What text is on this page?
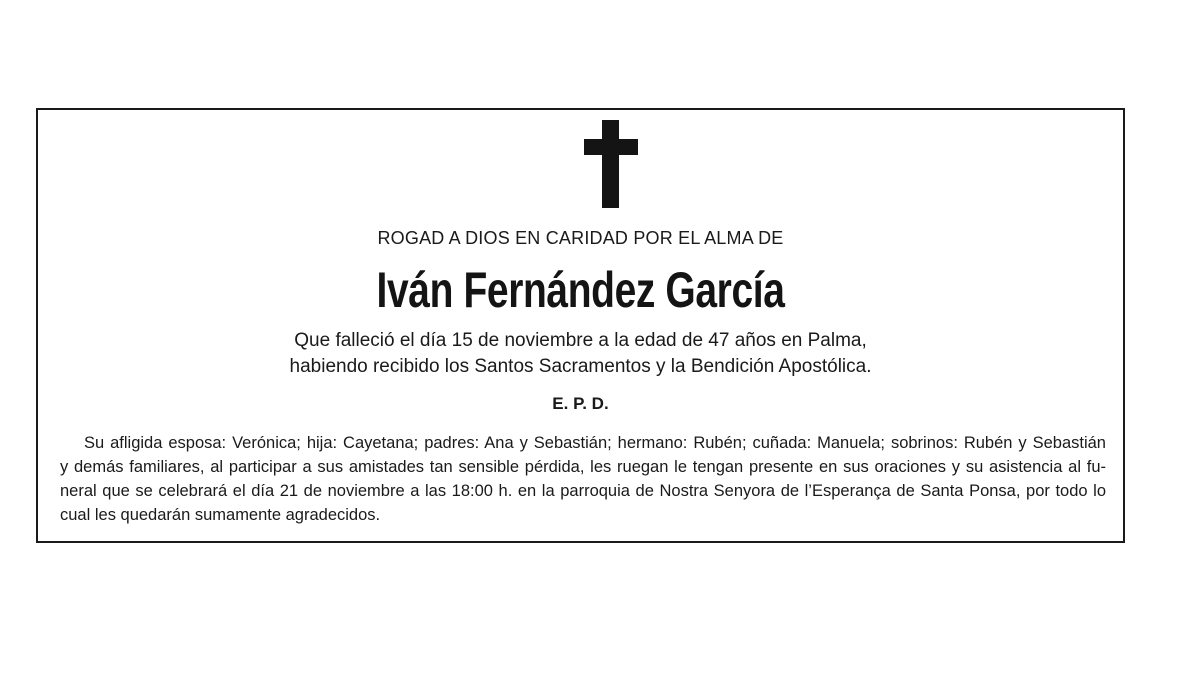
ROGAD A DIOS EN CARIDAD POR EL ALMA DE
Iván Fernández García
Que falleció el día 15 de noviembre a la edad de 47 años en Palma,
habiendo recibido los Santos Sacramentos y la Bendición Apostólica.
E. P. D.
Su afligida esposa: Verónica; hija: Cayetana; padres: Ana y Sebastián; hermano: Rubén; cuñada: Manuela; sobrinos: Rubén y Sebastián
y demás familiares, al participar a sus amistades tan sensible pérdida, les ruegan le tengan presente en sus oraciones y su asistencia al fu-
neral que se celebrará el día 21 de noviembre a las 18:00 h. en la parroquia de Nostra Senyora de l’Esperança de Santa Ponsa, por todo lo
cual les quedarán sumamente agradecidos.
